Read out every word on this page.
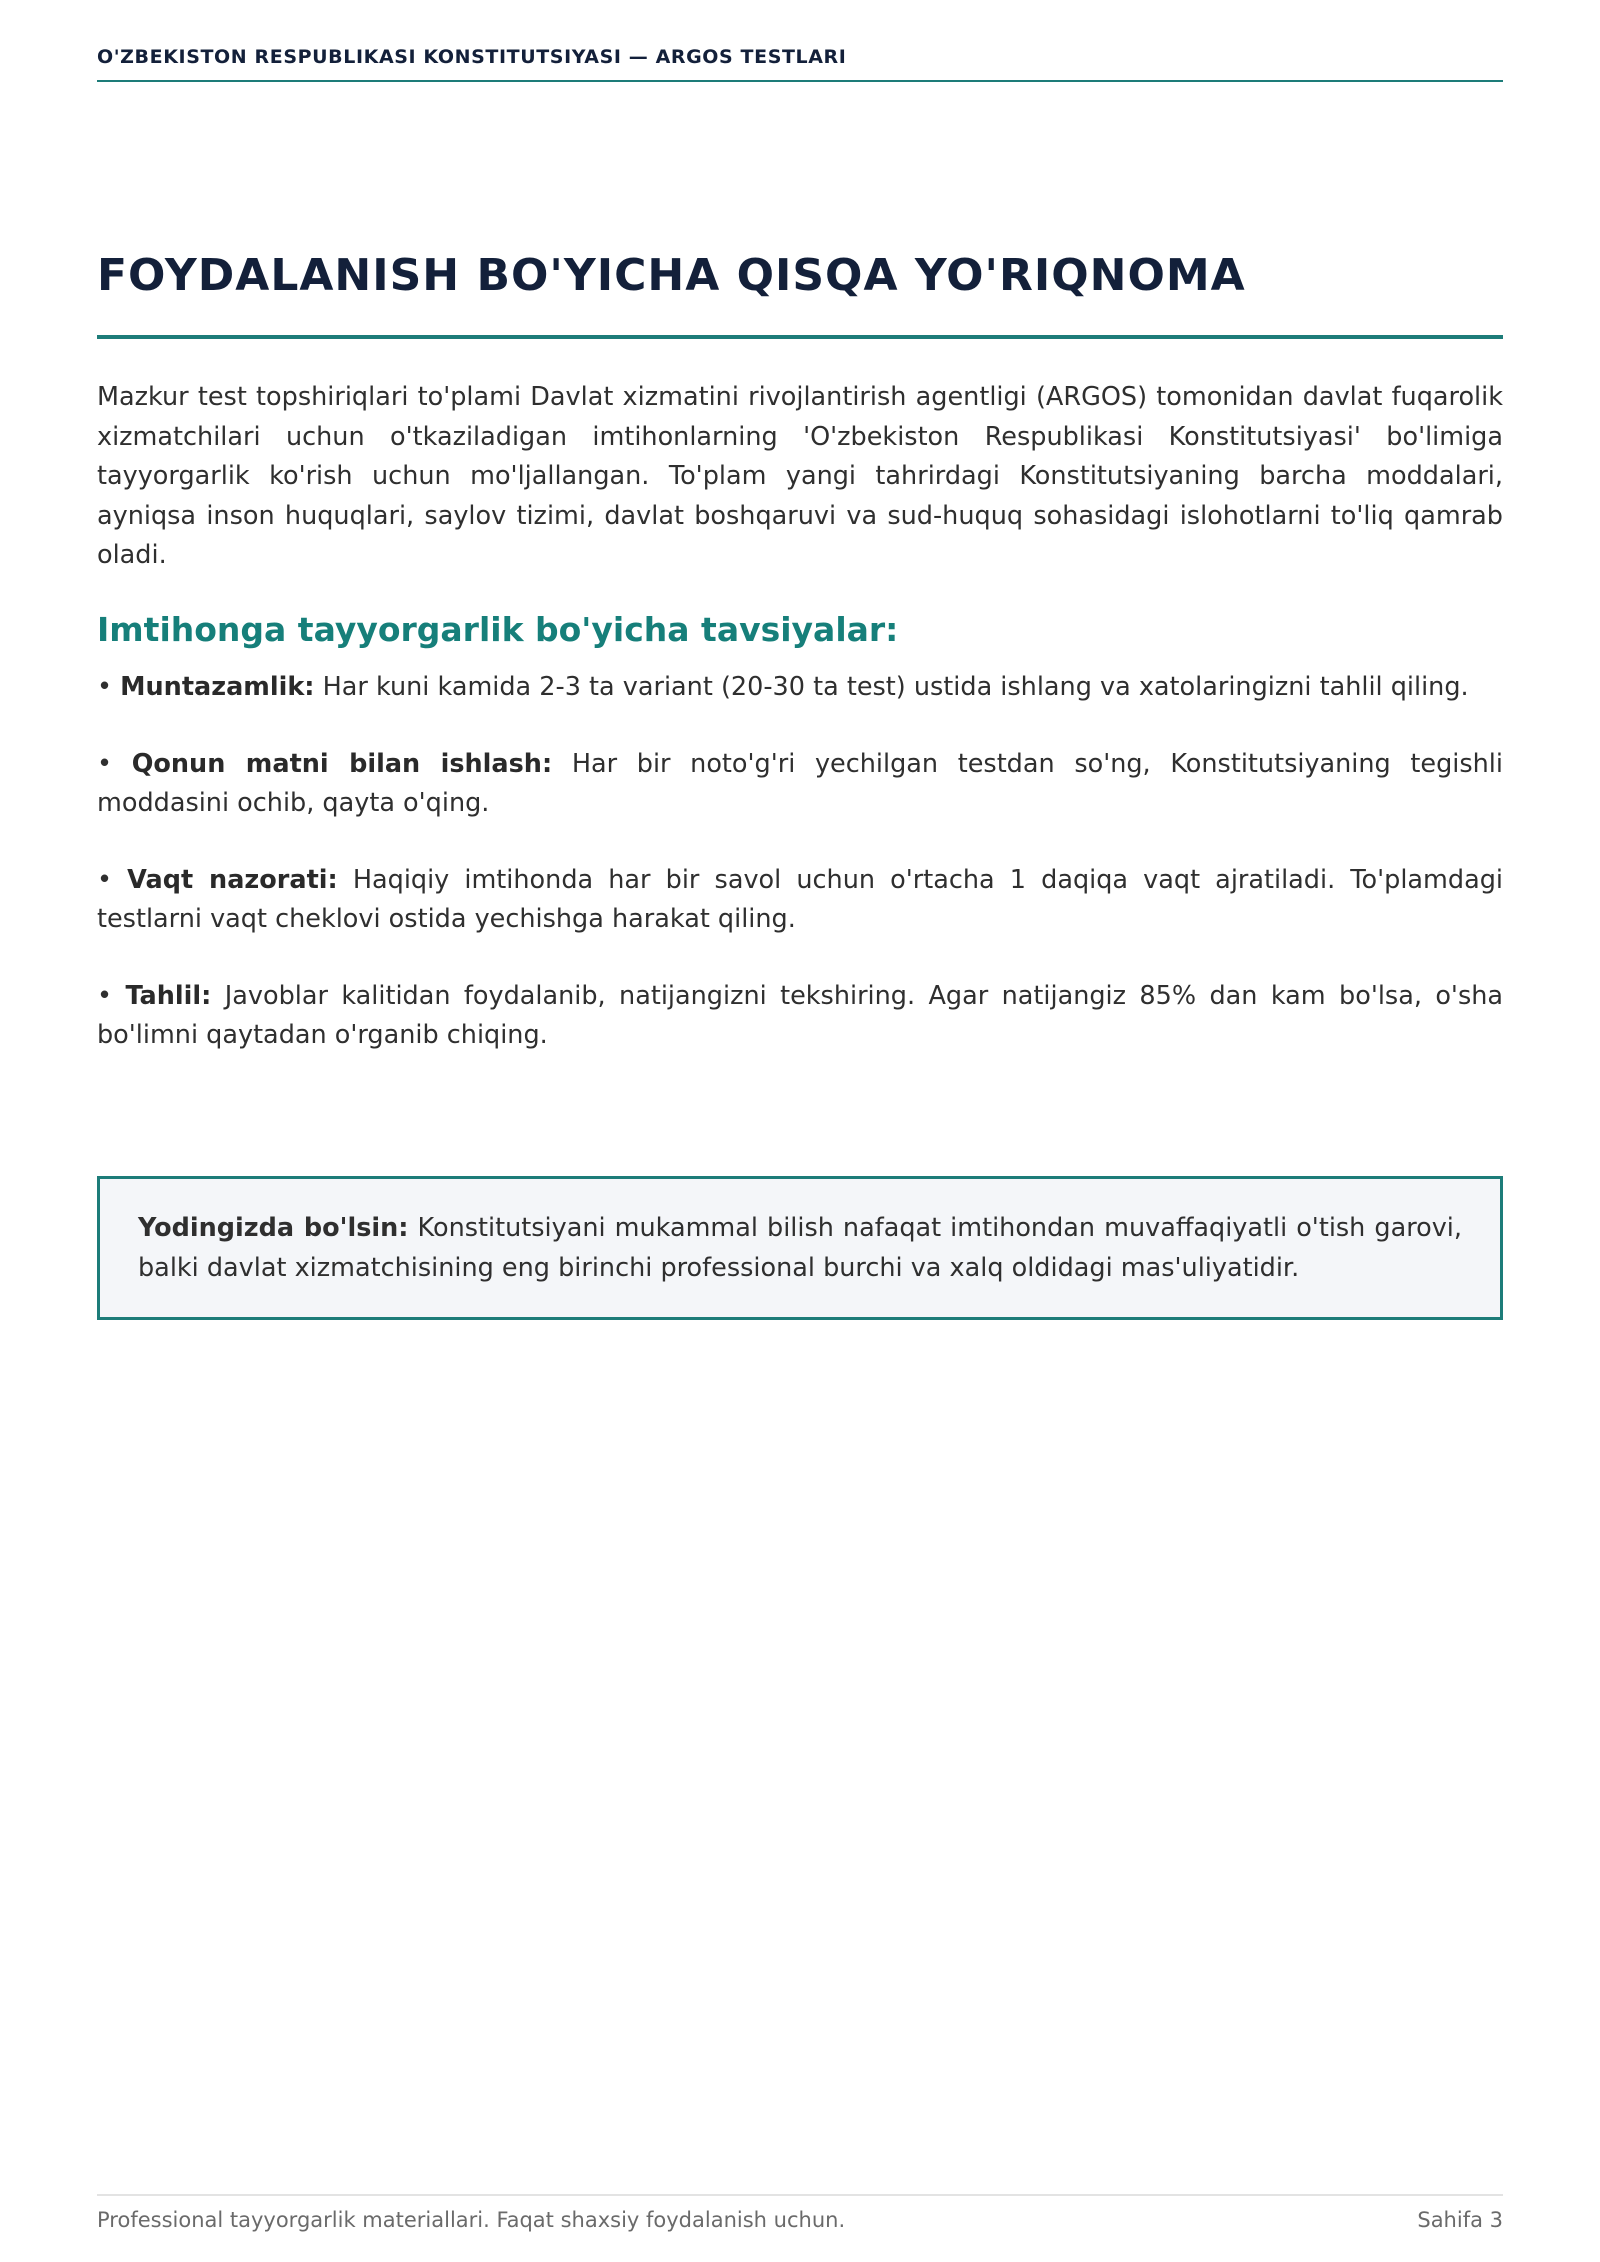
O'ZBEKISTON RESPUBLIKASI KONSTITUTSIYASI — ARGOS TESTLARI
FOYDALANISH BO'YICHA QISQA YO'RIQNOMA

Mazkur test topshiriqlari to'plami Davlat xizmatini rivojlantirish agentligi (ARGOS) tomonidan davlat fuqarolik xizmatchilari uchun o'tkaziladigan imtihonlarning 'O'zbekiston Respublikasi Konstitutsiyasi' bo'limiga tayyorgarlik ko'rish uchun mo'ljallangan. To'plam yangi tahrirdagi Konstitutsiyaning barcha moddalari, ayniqsa inson huquqlari, saylov tizimi, davlat boshqaruvi va sud-huquq sohasidagi islohotlarni to'liq qamrab oladi.

Imtihonga tayyorgarlik bo'yicha tavsiyalar:

• Muntazamlik: Har kuni kamida 2-3 ta variant (20-30 ta test) ustida ishlang va xatolaringizni tahlil qiling.

• Qonun matni bilan ishlash: Har bir noto'g'ri yechilgan testdan so'ng, Konstitutsiyaning tegishli moddasini ochib, qayta o'qing.

• Vaqt nazorati: Haqiqiy imtihonda har bir savol uchun o'rtacha 1 daqiqa vaqt ajratiladi. To'plamdagi testlarni vaqt cheklovi ostida yechishga harakat qiling.

• Tahlil: Javoblar kalitidan foydalanib, natijangizni tekshiring. Agar natijangiz 85% dan kam bo'lsa, o'sha bo'limni qaytadan o'rganib chiqing.

Yodingizda bo'lsin: Konstitutsiyani mukammal bilish nafaqat imtihondan muvaffaqiyatli o'tish garovi, balki davlat xizmatchisining eng birinchi professional burchi va xalq oldidagi mas'uliyatidir.
Professional tayyorgarlik materiallari. Faqat shaxsiy foydalanish uchun.	Sahifa 3
